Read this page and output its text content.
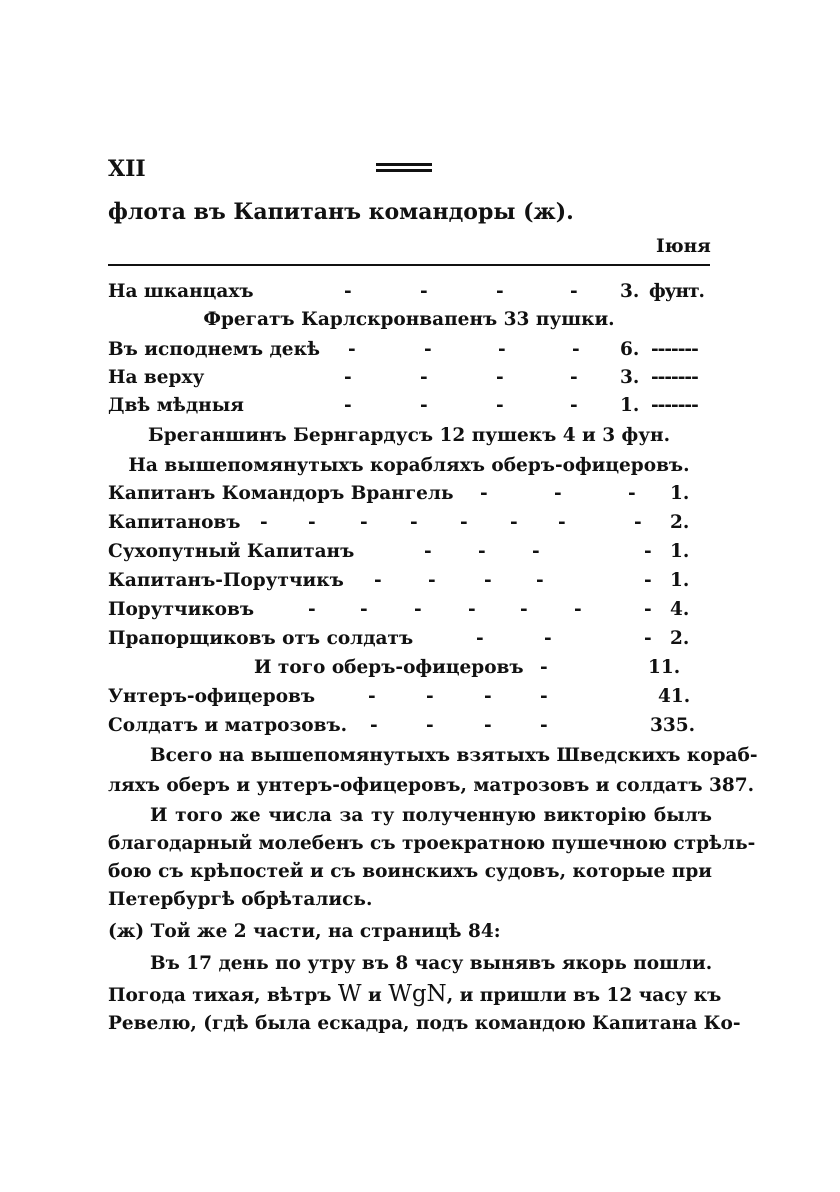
XII
флота въ Капитанъ командоры (ж).
Іюня
На шканцахъ	-	-	-	- 3. фунт.
Фрегатъ Карлскронвапенъ 33 пушки.
Въ исподнемъ декѣ -	-	-	- 6. -------
На верху	-	-	-	- 3. -------
Двѣ мѣдныя	-	-	-	- 1. -------
Бреганшинъ Бернгардусъ 12 пушекъ 4 и 3 фун.
На вышепомянутыхъ корабляхъ оберъ-офицеровъ.
Капитанъ Командоръ Врангель -	-	- 1.
Капитановъ - - - - - - -	- 2.
Сухопутный Капитанъ	-	-	-	- 1.
Капитанъ-Порутчикъ -	-	- -	- 1.
Порутчиковъ	- -	-	- -	-	- 4.
Прапорщиковъ отъ солдатъ	-	-	- 2.
И того оберъ-офицеровъ -	11.
Унтеръ-офицеровъ	-	-	-	-	41.
Солдатъ и матрозовъ. -	-	-	-	335.
Всего на вышепомянутыхъ взятыхъ Шведскихъ кораб-
ляхъ оберъ и унтеръ-офицеровъ, матрозовъ и солдатъ 387.
И того же числа за ту полученную викторію былъ
благодарный молебенъ съ троекратною пушечною стрѣль-
бою съ крѣпостей и съ воинскихъ судовъ, которые при
Петербургѣ обрѣтались.
(ж) Той же 2 части, на страницѣ 84:
Въ 17 день по утру въ 8 часу вынявъ якорь пошли.
Погода тихая, вѣтръ W и WgN, и пришли въ 12 часу къ
Ревелю, (гдѣ была ескадра, подъ командою Капитана Ко-
